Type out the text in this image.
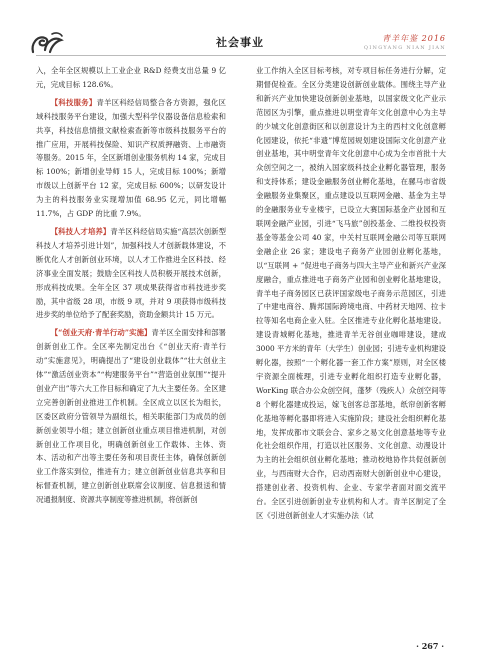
社会事业	青羊年鉴 2016
QINGYANG NIAN JIAN

入，全年全区规模以上工业企业 R&D 经费支出总量 9 亿元，完成目标 128.6%。

【科技服务】青羊区科经信局整合各方资源，强化区域科技服务平台建设，加强大型科学仪器设备信息检索和共享，科技信息情报文献检索查新等市级科技服务平台的推广应用，开展科技保险、知识产权质押融资、上市融资等服务。2015 年，全区新增创业服务机构 14 家，完成目标 100%；新增创业导师 15 人，完成目标 100%；新增市级以上创新平台 12 家，完成目标 600%；以研发设计为主的科技服务业实现增加值 68.95 亿元，同比增幅 11.7%，占 GDP 的比重 7.9%。

【科技人才培养】青羊区科经信局实施“高层次创新型科技人才培养引进计划”，加强科技人才创新载体建设，不断优化人才创新创业环境，以人才工作推进全区科技、经济事业全面发展；鼓励全区科技人员积极开展技术创新，形成科技成果。全年全区 37 项成果获得省市科技进步奖励，其中省级 28 项，市级 9 项，并对 9 项获得市级科技进步奖的单位给予了配套奖励，资助金额共计 15 万元。

【“创业天府·青羊行动”实施】青羊区全面安排和部署创新创业工作。全区率先制定出台《“创业天府·青羊行动”实施意见》，明确提出了“建设创业载体”“壮大创业主体”“激活创业资本”“构建服务平台”“营造创业氛围”“提升创业产出”等六大工作目标和确定了九大主要任务。全区建立完善创新创业推进工作机制。全区成立以区长为组长，区委区政府分管领导为副组长，相关职能部门为成员的创新创业领导小组；建立创新创业重点项目推进机制，对创新创业工作项目化，明确创新创业工作载体、主体、资本、活动和产出等主要任务和项目责任主体，确保创新创业工作落实到位，推进有力；建立创新创业信息共享和目标督查机制，建立创新创业联席会议制度、信息报送和情况通报制度、资源共享制度等推进机制，将创新创

业工作纳入全区目标考核，对专项目标任务进行分解，定期督促检查。全区分类建设创新创业载体。围绕主导产业和新兴产业加快建设创新创业基地，以国家级文化产业示范园区为引擎，重点推进以明堂青年文化创意中心为主导的少城文化创意街区和以创意设计为主的西村文化创意孵化园建设，依托“非遗”博览园规划建设国际文化创意产业创业基地，其中明堂青年文化创意中心成为全市首批十大众创空间之一，被纳入国家级科技企业孵化器管理，服务和支持体系；建设金融服务创业孵化基地，在骡马市省级金融服务业集聚区，重点建设以互联网金融、基金为主导的金融服务业专业楼宇，已设立大赛国际基金产业园和互联网金融产业园，引进“飞马旅”创投基金、二维投权投资基金等基金公司 40 家，中关村互联网金融公司等互联网金融企业 26 家；建设电子商务产业园创业孵化基地，以“互联网 + ”促进电子商务与四大主导产业和新兴产业深度融合，重点推进电子商务产业园和创业孵化基地建设，青羊电子商务园区已获评国家级电子商务示范园区，引进了中建电商谷、腾邦国际跨境电商、中药材天地网、拉卡拉等知名电商企业入驻。全区推进专业化孵化基地建设。建设青城孵化基地，推进青羊无谷创业咖啡建设，建成 3000 平方米的青年（大学生）创业园；引进专业机构建设孵化器，按照“一个孵化器一套工作方案”原则，对全区楼宇资源全面梳理，引进专业孵化组织打造专业孵化器，WorKing 联合办公众创空间，蓬梦（残疾人）众创空间等 8 个孵化器建成投运，嫁飞创客总部基地，纸帘创新客孵化基地等孵化器即将进入实施阶段；建设社会组织孵化基地，发挥成都市文联会合、家乡之易文化创意基地等专业化社会组织作用，打造以社区服务、文化创意、动漫设计为主的社会组织创业孵化基地；推动校地协作共促创新创业，与西南财大合作，启动西南财大创新创业中心建设，搭建创业者、投资机构、企业、专家学者面对面交流平台。全区引进创新创业专业机构和人才。青羊区制定了全区《引进创新创业人才实施办法（试

· 267 ·
